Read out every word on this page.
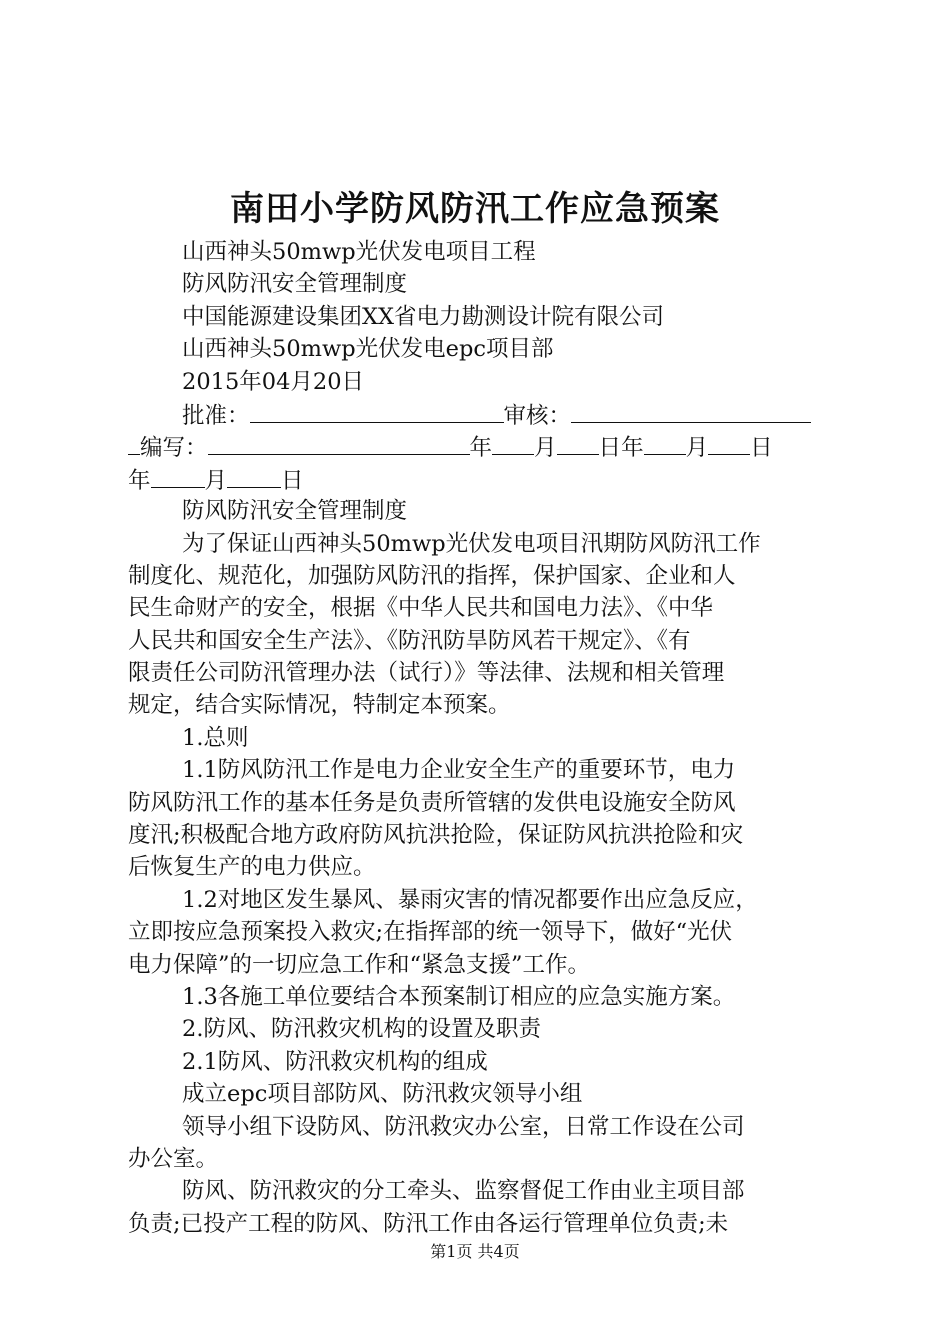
南田小学防风防汛工作应急预案
山西神头50mwp光伏发电项目工程
防风防汛安全管理制度
中国能源建设集团XX省电力勘测设计院有限公司
山西神头50mwp光伏发电epc项目部
2015年04月20日
批准：	审核：
编写：	年 月 日年 月 日
年 月 日
防风防汛安全管理制度
为了保证山西神头50mwp光伏发电项目汛期防风防汛工作
制度化、规范化，加强防风防汛的指挥，保护国家、企业和人
民生命财产的安全，根据《中华人民共和国电力法》、《中华
人民共和国安全生产法》、《防汛防旱防风若干规定》、《有
限责任公司防汛管理办法（试行）》等法律、法规和相关管理
规定，结合实际情况，特制定本预案。
1.总则
1.1防风防汛工作是电力企业安全生产的重要环节，电力
防风防汛工作的基本任务是负责所管辖的发供电设施安全防风
度汛;积极配合地方政府防风抗洪抢险，保证防风抗洪抢险和灾
后恢复生产的电力供应。
1.2对地区发生暴风、暴雨灾害的情况都要作出应急反应，
立即按应急预案投入救灾;在指挥部的统一领导下，做好“光伏
电力保障”的一切应急工作和“紧急支援”工作。
1.3各施工单位要结合本预案制订相应的应急实施方案。
2.防风、防汛救灾机构的设置及职责
2.1防风、防汛救灾机构的组成
成立epc项目部防风、防汛救灾领导小组
领导小组下设防风、防汛救灾办公室，日常工作设在公司
办公室。
防风、防汛救灾的分工牵头、监察督促工作由业主项目部
负责;已投产工程的防风、防汛工作由各运行管理单位负责;未
第1页 共4页
